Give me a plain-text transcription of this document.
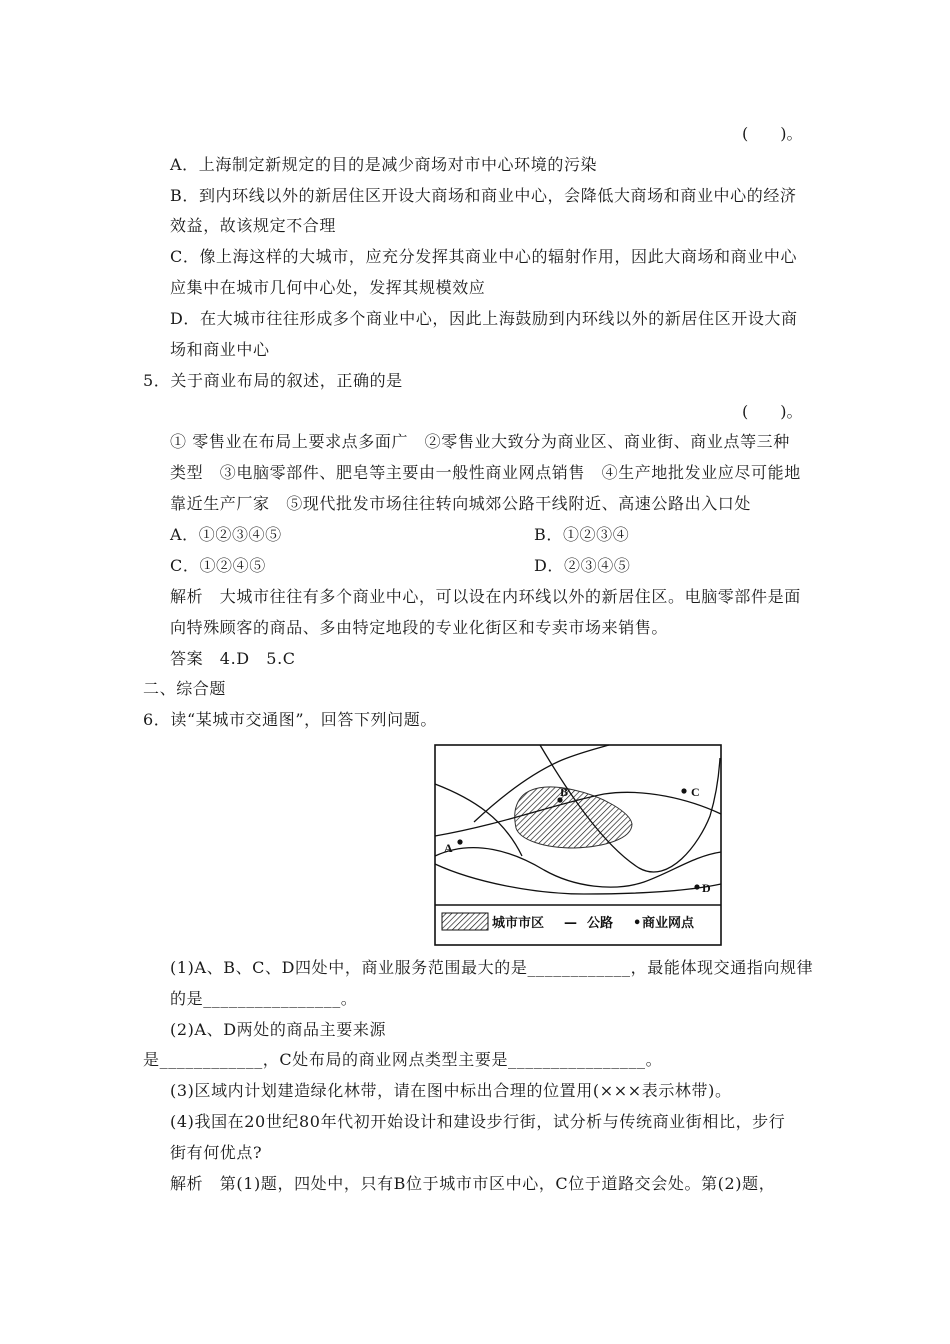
(　　)。
A．上海制定新规定的目的是减少商场对市中心环境的污染
B．到内环线以外的新居住区开设大商场和商业中心，会降低大商场和商业中心的经济
效益，故该规定不合理
C．像上海这样的大城市，应充分发挥其商业中心的辐射作用，因此大商场和商业中心
应集中在城市几何中心处，发挥其规模效应
D．在大城市往往形成多个商业中心，因此上海鼓励到内环线以外的新居住区开设大商
场和商业中心
5．关于商业布局的叙述，正确的是
(　　)。
① 零售业在布局上要求点多面广　②零售业大致分为商业区、商业街、商业点等三种
类型　③电脑零部件、肥皂等主要由一般性商业网点销售　④生产地批发业应尽可能地
靠近生产厂家　⑤现代批发市场往往转向城郊公路干线附近、高速公路出入口处
A．①②③④⑤	B．①②③④
C．①②④⑤	D．②③④⑤
解析　大城市往往有多个商业中心，可以设在内环线以外的新居住区。电脑零部件是面
向特殊顾客的商品、多由特定地段的专业化街区和专卖市场来销售。
答案　4.D　5.C
二、综合题
6．读“某城市交通图”，回答下列问题。
A
B	C
D
城市市区 — 公路 • 商业网点
(1)A、B、C、D四处中，商业服务范围最大的是____________，最能体现交通指向规律
的是________________。
(2)A、D两处的商品主要来源
是____________，C处布局的商业网点类型主要是________________。
(3)区域内计划建造绿化林带，请在图中标出合理的位置用(×××表示林带)。
(4)我国在20世纪80年代初开始设计和建设步行街，试分析与传统商业街相比，步行
街有何优点?
解析　第(1)题，四处中，只有B位于城市市区中心，C位于道路交会处。第(2)题，
